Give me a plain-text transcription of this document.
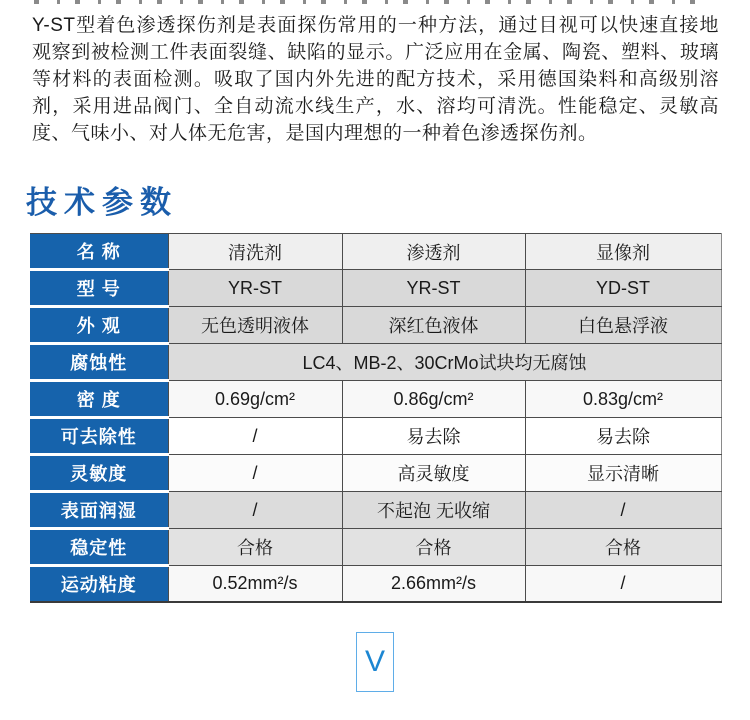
Y-ST型着色渗透探伤剂是表面探伤常用的一种方法，通过目视可以快速直接地观察到被检测工件表面裂缝、缺陷的显示。广泛应用在金属、陶瓷、塑料、玻璃等材料的表面检测。吸取了国内外先进的配方技术，采用德国染料和高级别溶剂，采用进品阀门、全自动流水线生产，水、溶均可清洗。性能稳定、灵敏高度、气味小、对人体无危害，是国内理想的一种着色渗透探伤剂。

技术参数
名 称	清洗剂	渗透剂	显像剂
型 号	YR-ST	YR-ST	YD-ST
外 观	无色透明液体	深红色液体	白色悬浮液
腐蚀性	LC4、MB-2、30CrMo试块均无腐蚀		
密 度	0.69g/cm²	0.86g/cm²	0.83g/cm²
可去除性	/	易去除	易去除
灵敏度	/	高灵敏度	显示清晰
表面润湿	/	不起泡 无收缩	/
稳定性	合格	合格	合格
运动粘度	0.52mm²/s	2.66mm²/s	/
V
